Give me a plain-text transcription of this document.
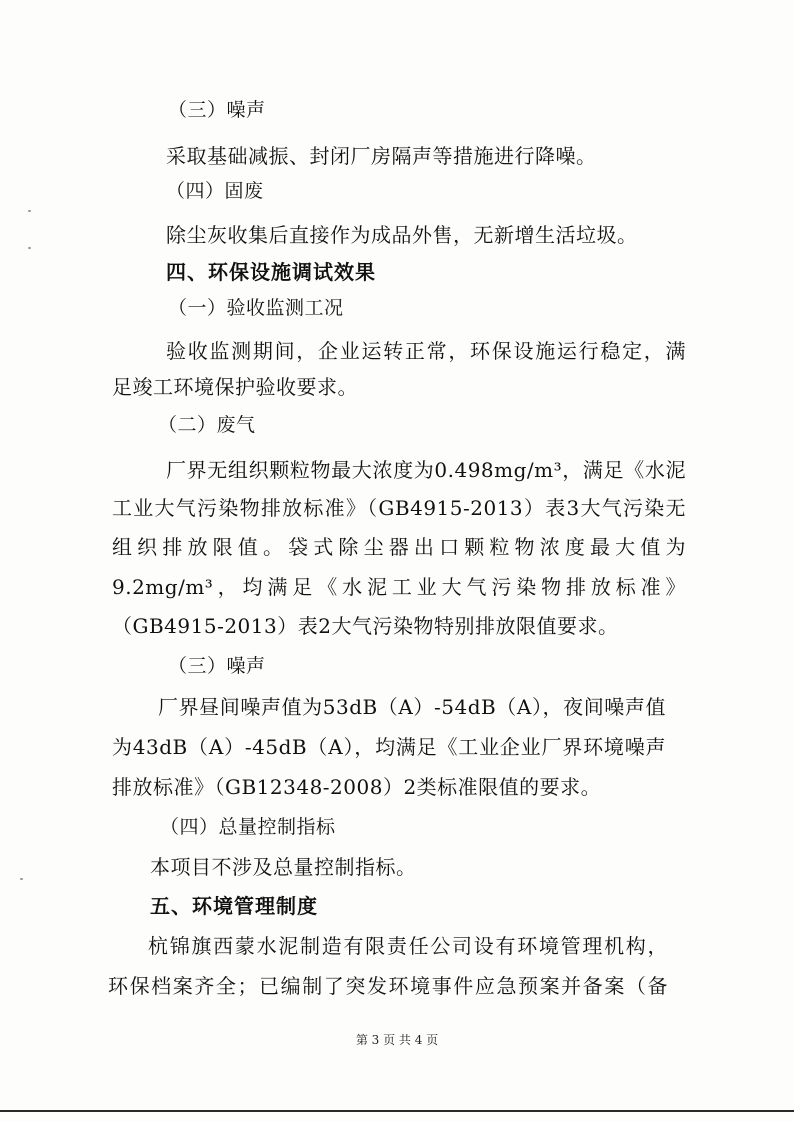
（三）噪声
采取基础减振、封闭厂房隔声等措施进行降噪。
（四）固废
除尘灰收集后直接作为成品外售，无新增生活垃圾。
四、环保设施调试效果
（一）验收监测工况
验收监测期间，企业运转正常，环保设施运行稳定，满
足竣工环境保护验收要求。
（二）废气
厂界无组织颗粒物最大浓度为0.498mg/m³，满足《水泥
工业大气污染物排放标准》（GB4915-2013）表3大气污染无
组织排放限值。袋式除尘器出口颗粒物浓度最大值为
9.2mg/m³，均满足《水泥工业大气污染物排放标准》
（GB4915-2013）表2大气污染物特别排放限值要求。
（三）噪声
厂界昼间噪声值为53dB（A）-54dB（A），夜间噪声值
为43dB（A）-45dB（A），均满足《工业企业厂界环境噪声
排放标准》（GB12348-2008）2类标准限值的要求。
（四）总量控制指标
本项目不涉及总量控制指标。
五、环境管理制度
杭锦旗西蒙水泥制造有限责任公司设有环境管理机构，
环保档案齐全；已编制了突发环境事件应急预案并备案（备
第 3 页 共 4 页
